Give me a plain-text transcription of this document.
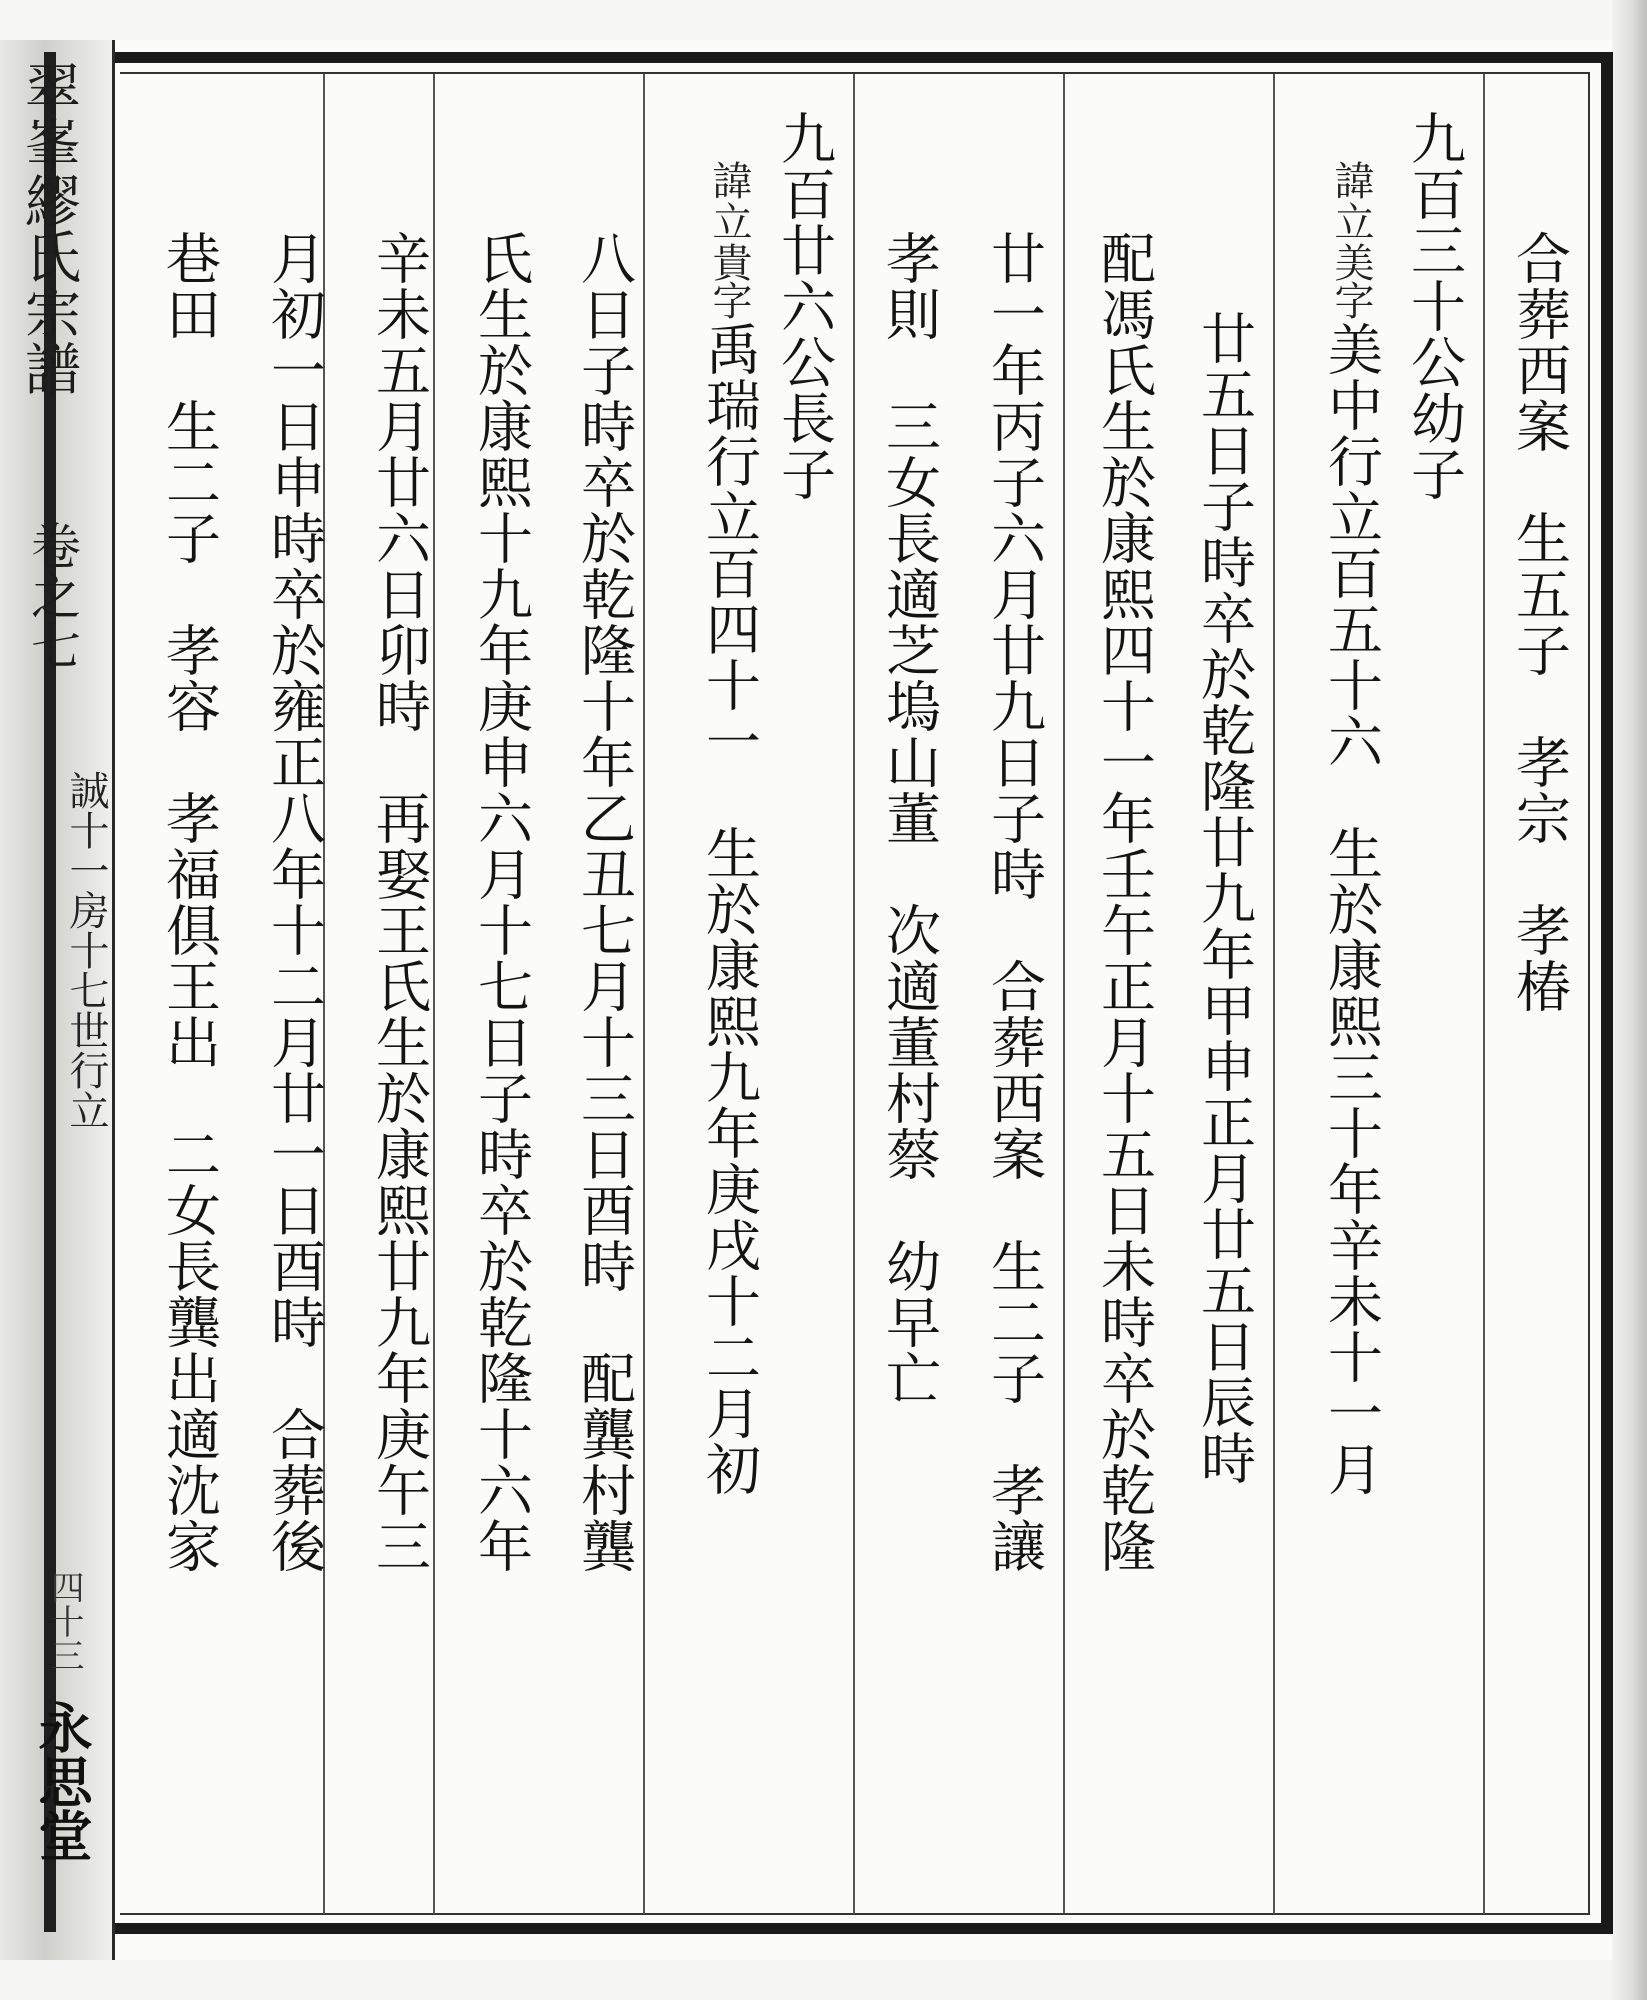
翠峯繆氏宗譜
卷之七
誠十一房十七世行立
四十三
永思堂
合葬西案　生五子　孝宗　孝椿
九百三十公幼子
諱立美
字美中行立百五十六　生於康熙三十年辛未十一月
廿五日子時卒於乾隆廿九年甲申正月廿五日辰時
配馮氏生於康熙四十一年壬午正月十五日未時卒於乾隆
廿一年丙子六月廿九日子時　合葬西案　生二子　孝讓
孝則　三女長適芝塢山董　次適董村蔡　幼早亡
九百廿六公長子
諱立貴
字禹瑞行立百四十一　生於康熙九年庚戌十二月初
八日子時卒於乾隆十年乙丑七月十三日酉時　配龔村龔
氏生於康熙十九年庚申六月十七日子時卒於乾隆十六年
辛未五月廿六日卯時　再娶王氏生於康熙廿九年庚午三
月初一日申時卒於雍正八年十二月廿一日酉時　合葬後
巷田　生二子　孝容　孝福俱王出　二女長龔出適沈家
